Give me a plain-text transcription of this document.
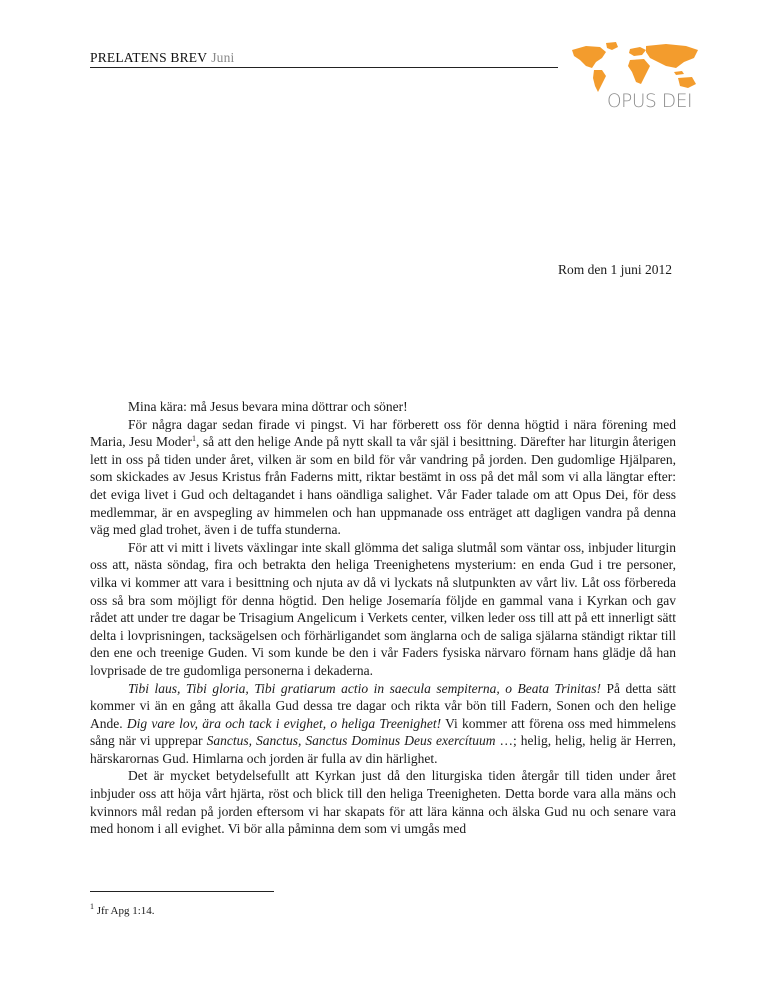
PRELATENS BREV Juni
OPUS DEI
Rom den 1 juni 2012

Mina kära: må Jesus bevara mina döttrar och söner!

För några dagar sedan firade vi pingst. Vi har förberett oss för denna högtid i nära förening med Maria, Jesu Moder$^1$, så att den helige Ande på nytt skall ta vår själ i besittning. Därefter har liturgin återigen lett in oss på tiden under året, vilken är som en bild för vår vandring på jorden. Den gudomlige Hjälparen, som skickades av Jesus Kristus från Faderns mitt, riktar bestämt in oss på det mål som vi alla längtar efter: det eviga livet i Gud och deltagandet i hans oändliga salighet. Vår Fader talade om att Opus Dei, för dess medlemmar, är en avspegling av himmelen och han uppmanade oss enträget att dagligen vandra på denna väg med glad trohet, även i de tuffa stunderna.

För att vi mitt i livets växlingar inte skall glömma det saliga slutmål som väntar oss, inbjuder liturgin oss att, nästa söndag, fira och betrakta den heliga Treenighetens mysterium: en enda Gud i tre personer, vilka vi kommer att vara i besittning och njuta av då vi lyckats nå slutpunkten av vårt liv. Låt oss förbereda oss så bra som möjligt för denna högtid. Den helige Josemaría följde en gammal vana i Kyrkan och gav rådet att under tre dagar be Trisagium Angelicum i Verkets center, vilken leder oss till att på ett innerligt sätt delta i lovprisningen, tacksägelsen och förhärligandet som änglarna och de saliga själarna ständigt riktar till den ene och treenige Guden. Vi som kunde be den i vår Faders fysiska närvaro förnam hans glädje då han lovprisade de tre gudomliga personerna i dekaderna.

Tibi laus, Tibi gloria, Tibi gratiarum actio in saecula sempiterna, o Beata Trinitas! På detta sätt kommer vi än en gång att åkalla Gud dessa tre dagar och rikta vår bön till Fadern, Sonen och den helige Ande. Dig vare lov, ära och tack i evighet, o heliga Treenighet! Vi kommer att förena oss med himmelens sång när vi upprepar Sanctus, Sanctus, Sanctus Dominus Deus exercítuum …; helig, helig, helig är Herren, härskarornas Gud. Himlarna och jorden är fulla av din härlighet.

Det är mycket betydelsefullt att Kyrkan just då den liturgiska tiden återgår till tiden under året inbjuder oss att höja vårt hjärta, röst och blick till den heliga Treenigheten. Detta borde vara alla mäns och kvinnors mål redan på jorden eftersom vi har skapats för att lära känna och älska Gud nu och senare vara med honom i all evighet. Vi bör alla påminna dem som vi umgås med

$^1$ Jfr Apg 1:14.
